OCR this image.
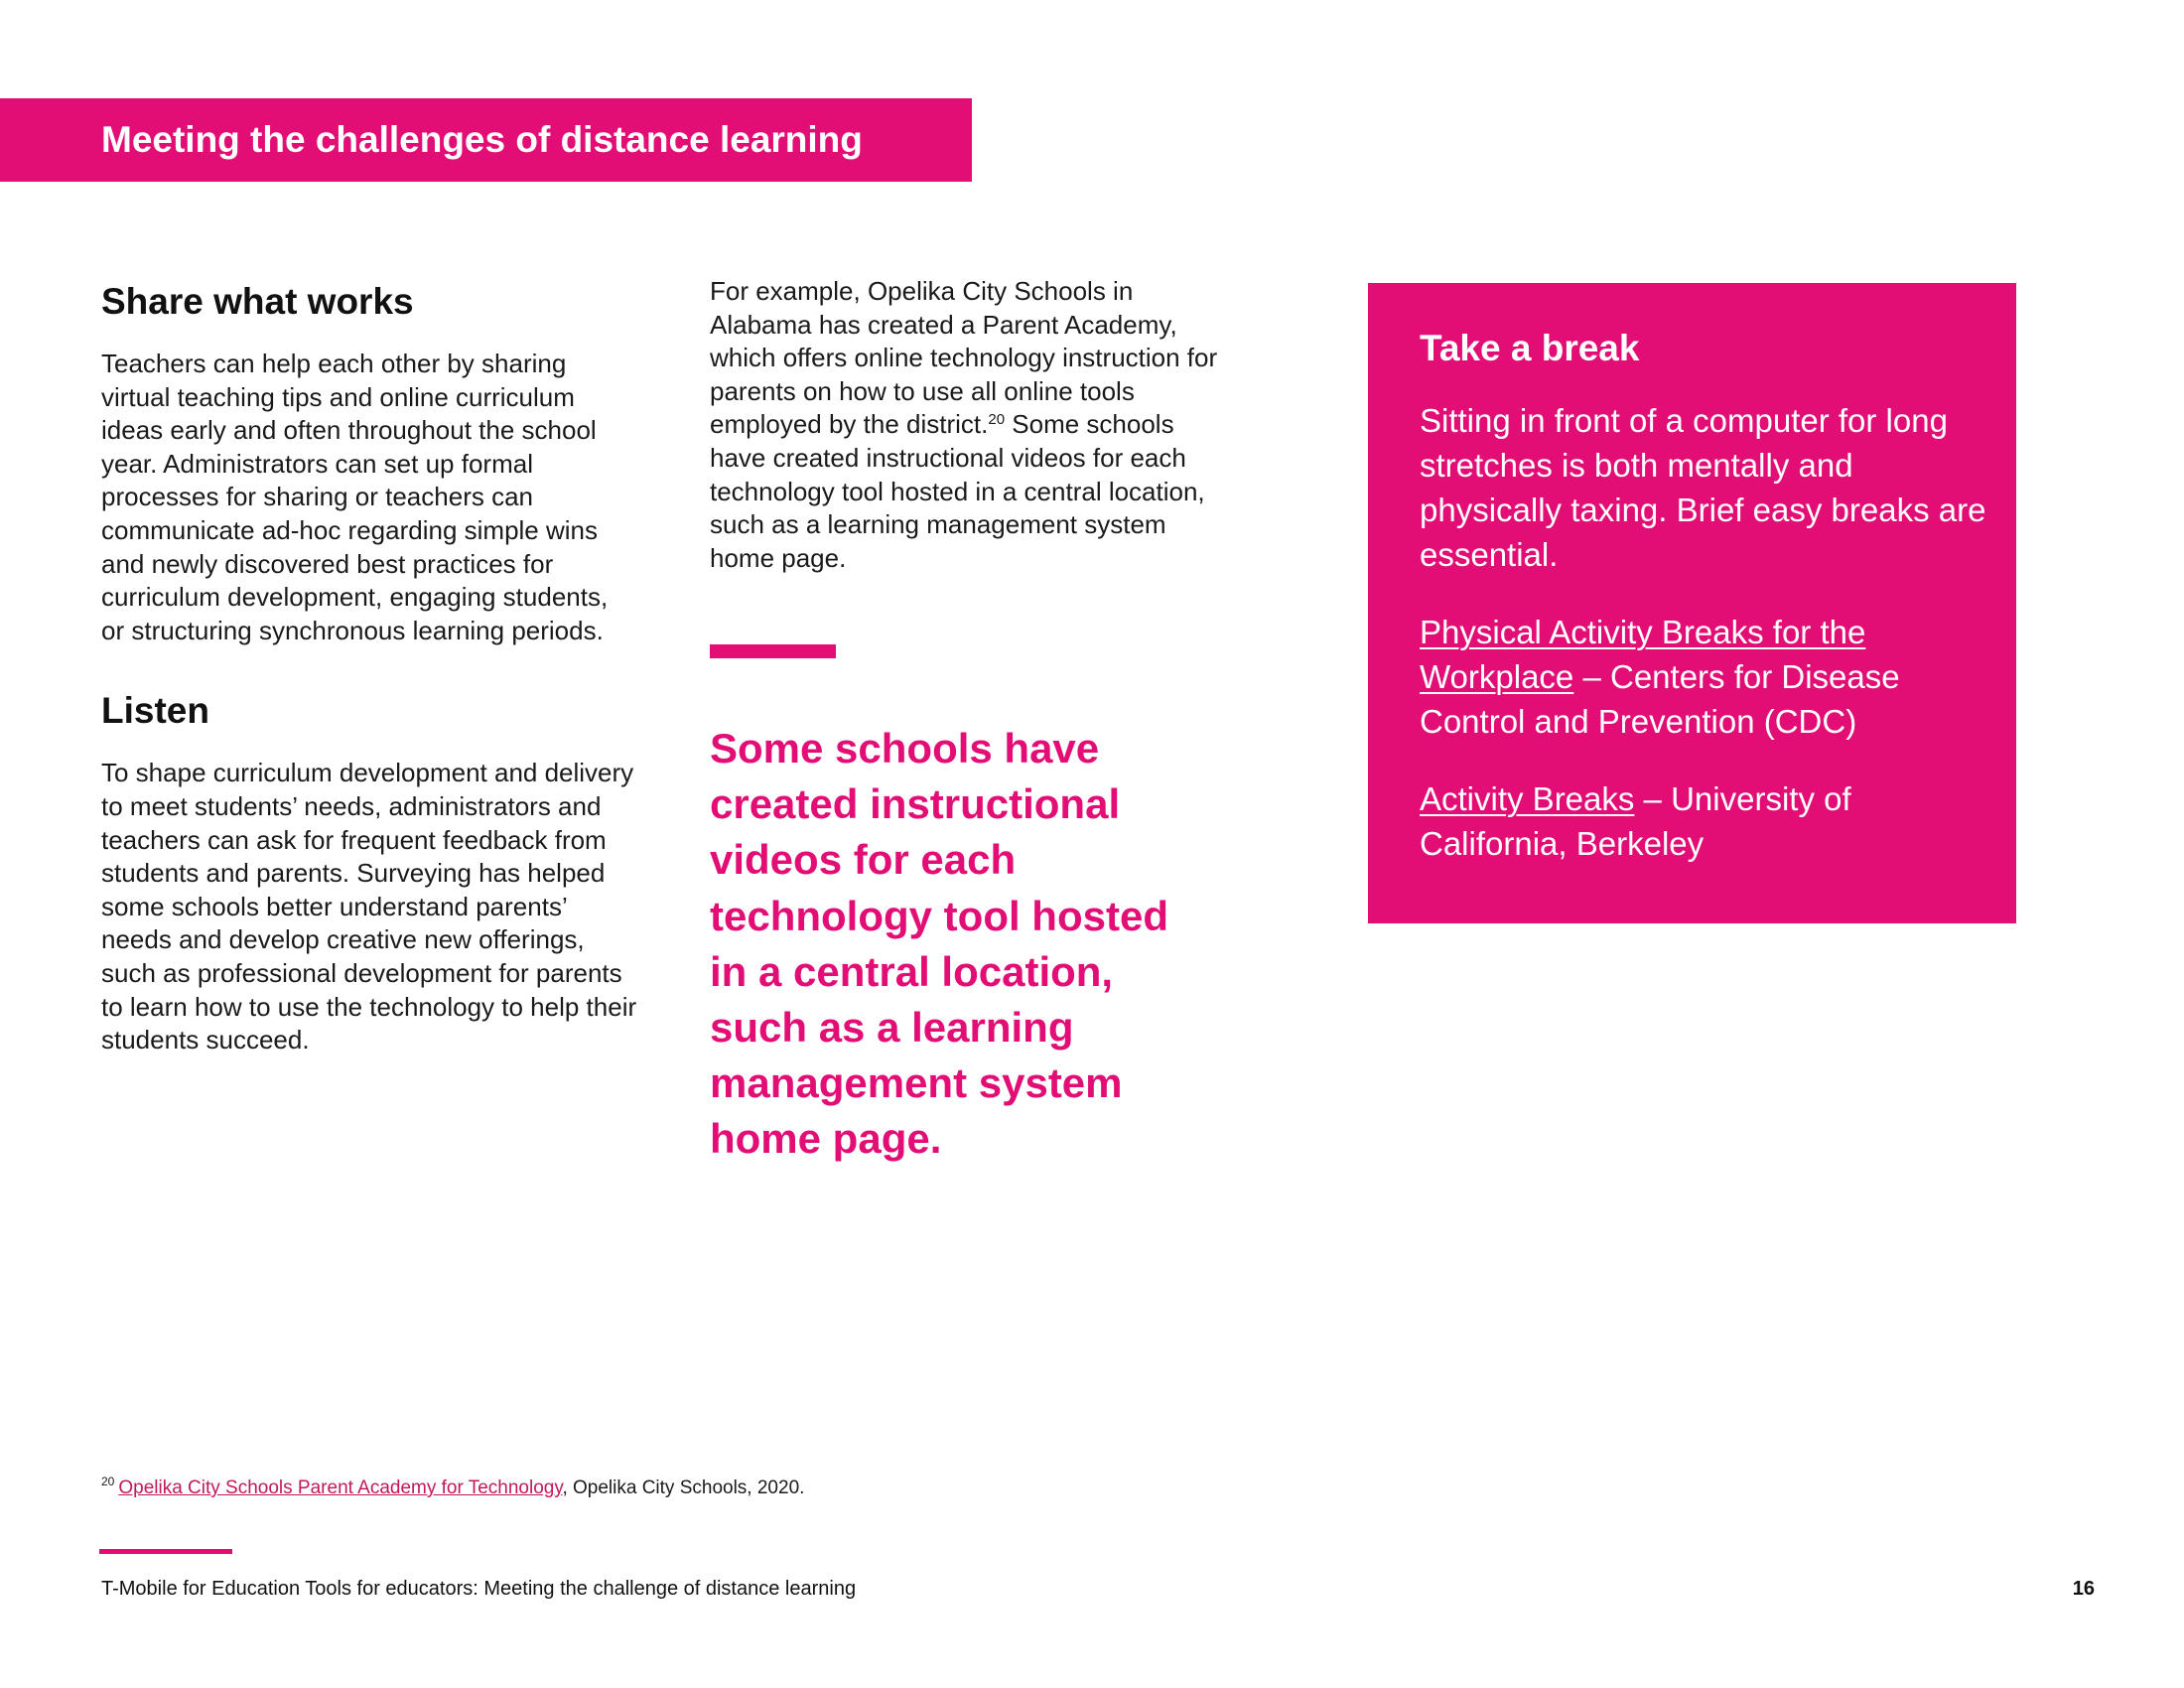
Meeting the challenges of distance learning
Share what works

Teachers can help each other by sharing virtual teaching tips and online curriculum ideas early and often throughout the school year. Administrators can set up formal processes for sharing or teachers can communicate ad-hoc regarding simple wins and newly discovered best practices for curriculum development, engaging students, or structuring synchronous learning periods.

Listen

To shape curriculum development and delivery to meet students’ needs, administrators and teachers can ask for frequent feedback from students and parents. Surveying has helped some schools better understand parents’ needs and develop creative new offerings, such as professional development for parents to learn how to use the technology to help their students succeed.

For example, Opelika City Schools in Alabama has created a Parent Academy, which offers online technology instruction for parents on how to use all online tools employed by the district.$^{20}$ Some schools have created instructional videos for each technology tool hosted in a central location, such as a learning management system home page.

Some schools have created instructional videos for each technology tool hosted in a central location, such as a learning management system home page.

Take a break

Sitting in front of a computer for long stretches is both mentally and physically taxing. Brief easy breaks are essential.

Physical Activity Breaks for the Workplace – Centers for Disease Control and Prevention (CDC)

Activity Breaks – University of California, Berkeley

$^{20}$ Opelika City Schools Parent Academy for Technology, Opelika City Schools, 2020.

T-Mobile for Education Tools for educators: Meeting the challenge of distance learning	16
